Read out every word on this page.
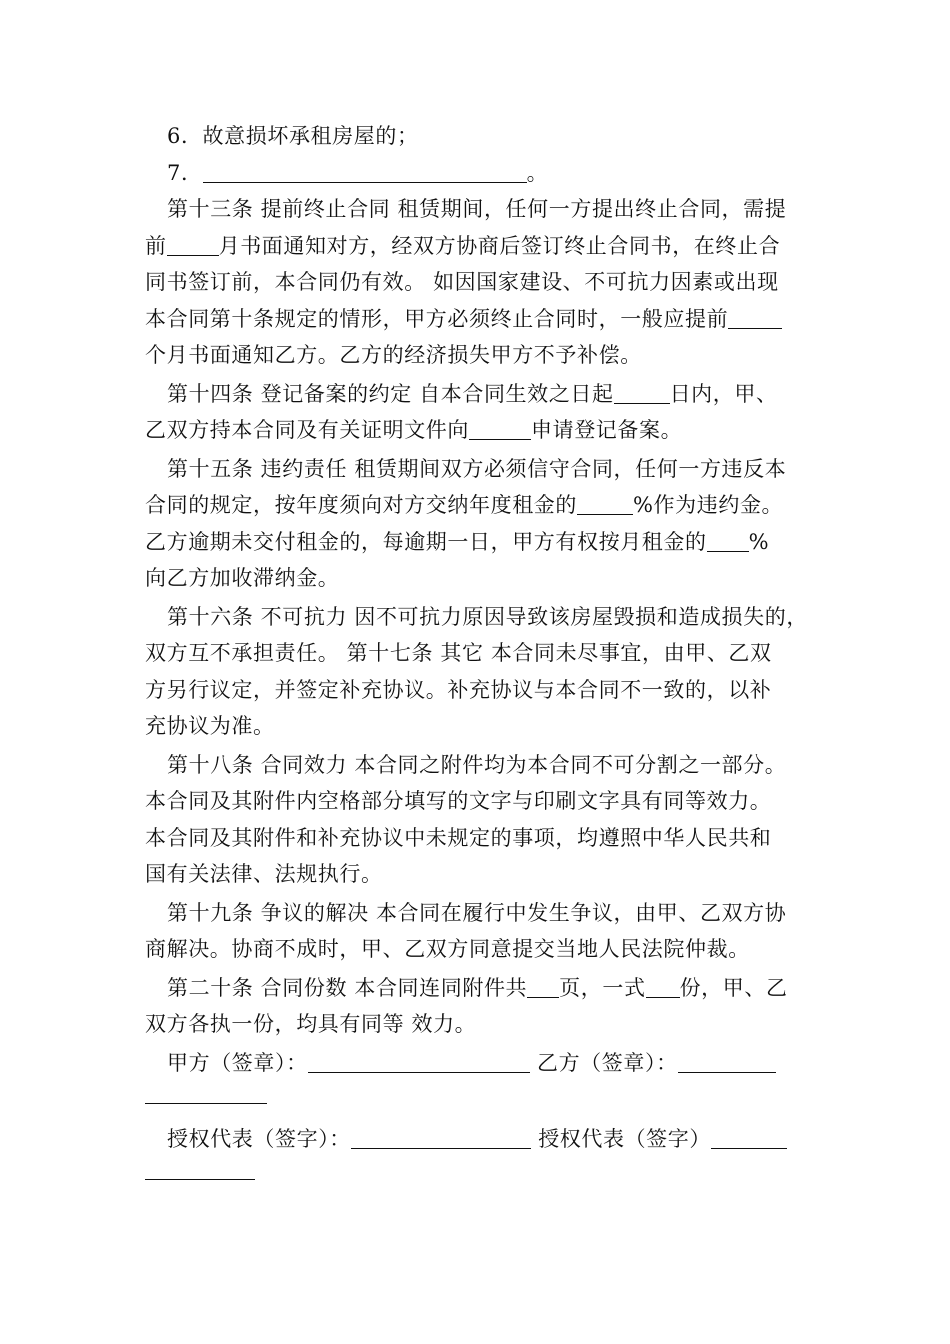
6．故意损坏承租房屋的；
7．	。
第十三条 提前终止合同 租赁期间，任何一方提出终止合同，需提
前 月书面通知对方，经双方协商后签订终止合同书，在终止合
同书签订前，本合同仍有效。 如因国家建设、不可抗力因素或出现
本合同第十条规定的情形，甲方必须终止合同时，一般应提前
个月书面通知乙方。乙方的经济损失甲方不予补偿。
第十四条 登记备案的约定 自本合同生效之日起	日内，甲、
乙双方持本合同及有关证明文件向	申请登记备案。
第十五条 违约责任 租赁期间双方必须信守合同，任何一方违反本
合同的规定，按年度须向对方交纳年度租金的	%作为违约金。
乙方逾期未交付租金的，每逾期一日，甲方有权按月租金的 %
向乙方加收滞纳金。
第十六条 不可抗力 因不可抗力原因导致该房屋毁损和造成损失的，
双方互不承担责任。 第十七条 其它 本合同未尽事宜，由甲、乙双
方另行议定，并签定补充协议。补充协议与本合同不一致的，以补
充协议为准。
第十八条 合同效力 本合同之附件均为本合同不可分割之一部分。
本合同及其附件内空格部分填写的文字与印刷文字具有同等效力。
本合同及其附件和补充协议中未规定的事项，均遵照中华人民共和
国有关法律、法规执行。
第十九条 争议的解决 本合同在履行中发生争议，由甲、乙双方协
商解决。协商不成时，甲、乙双方同意提交当地人民法院仲裁。
第二十条 合同份数 本合同连同附件共 页，一式 份，甲、乙
双方各执一份，均具有同等 效力。
甲方（签章）：	乙方（签章）：
授权代表（签字）：	授权代表（签字）
